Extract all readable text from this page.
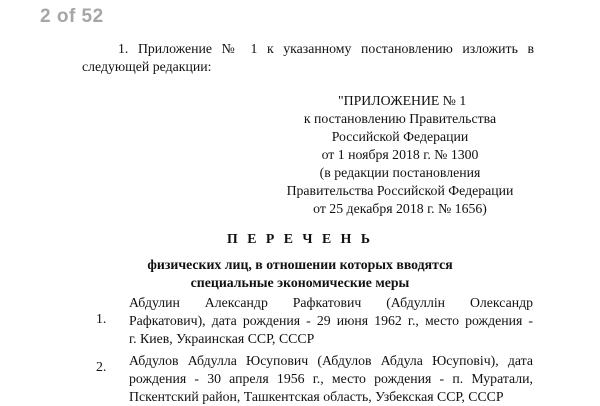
2 of 52
1. Приложение № 1 к указанному постановлению изложить в
следующей редакции:
"ПРИЛОЖЕНИЕ № 1
к постановлению Правительства
Российской Федерации
от 1 ноября 2018 г. № 1300
(в редакции постановления
Правительства Российской Федерации
от 25 декабря 2018 г. № 1656)
П Е Р Е Ч Е Н Ь
физических лиц, в отношении которых вводятся
специальные экономические меры
1.
Абдулин Александр Рафкатович (Абдуллін Олександр
Рафкатович), дата рождения - 29 июня 1962 г., место рождения -
г. Киев, Украинская ССР, СССР
2. Абдулов Абдулла Юсупович (Абдулов Абдула Юсуповіч), дата
рождения - 30 апреля 1956 г., место рождения - п. Муратали,
Пскентский район, Ташкентская область, Узбекская ССР, СССР
